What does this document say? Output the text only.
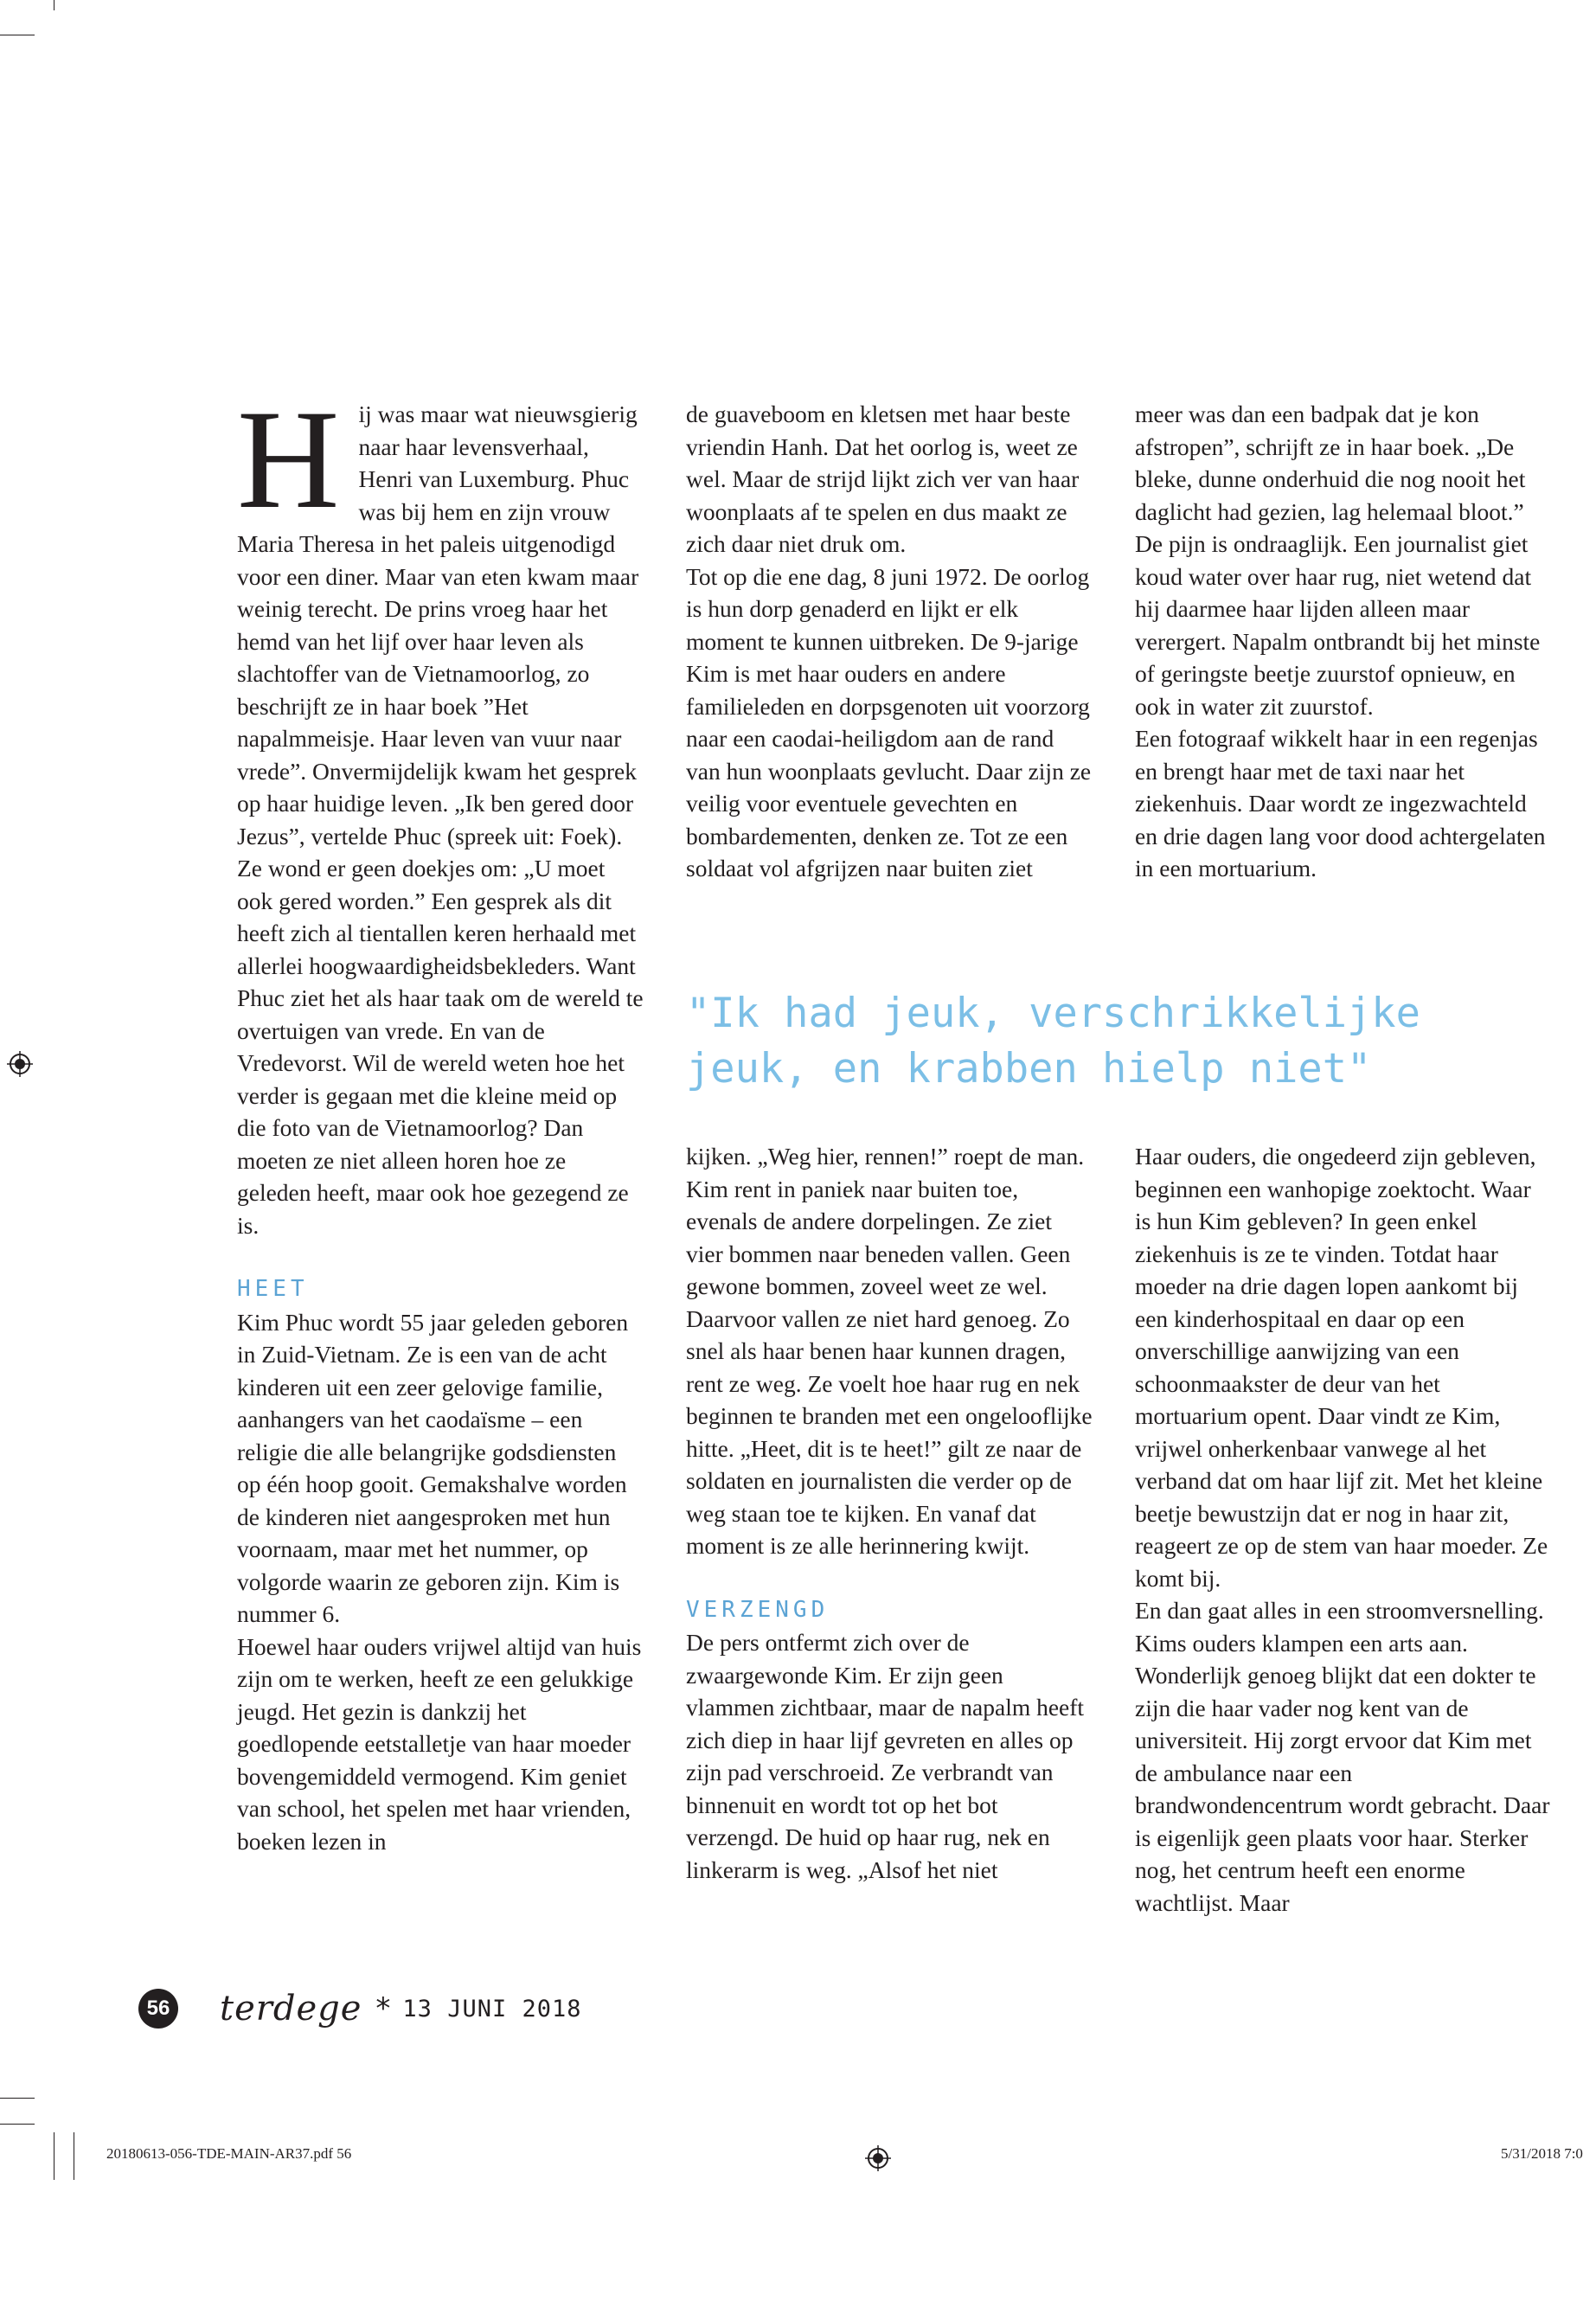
H ij was maar wat nieuwsgierig naar haar levensverhaal, Henri van Luxemburg. Phuc was bij hem en zijn vrouw Maria Theresa in het paleis uitgenodigd voor een diner. Maar van eten kwam maar weinig terecht. De prins vroeg haar het hemd van het lijf over haar leven als slachtoffer van de Vietnamoorlog, zo beschrijft ze in haar boek ”Het napalmmeisje. Haar leven van vuur naar vrede”. Onvermijdelijk kwam het gesprek op haar huidige leven. „Ik ben gered door Jezus”, vertelde Phuc (spreek uit: Foek). Ze wond er geen doekjes om: „U moet ook gered worden.” Een gesprek als dit heeft zich al tientallen keren herhaald met allerlei hoogwaardigheidsbekleders. Want Phuc ziet het als haar taak om de wereld te overtuigen van vrede. En van de Vredevorst. Wil de wereld weten hoe het verder is gegaan met die kleine meid op die foto van de Vietnamoorlog? Dan moeten ze niet alleen horen hoe ze geleden heeft, maar ook hoe gezegend ze is.

HEET

Kim Phuc wordt 55 jaar geleden geboren in Zuid-Vietnam. Ze is een van de acht kinderen uit een zeer gelovige familie, aanhangers van het caodaïsme – een religie die alle belangrijke godsdiensten op één hoop gooit. Gemakshalve worden de kinderen niet aangesproken met hun voornaam, maar met het nummer, op volgorde waarin ze geboren zijn. Kim is nummer 6.

Hoewel haar ouders vrijwel altijd van huis zijn om te werken, heeft ze een gelukkige jeugd. Het gezin is dankzij het goedlopende eetstalletje van haar moeder bovengemiddeld vermogend. Kim geniet van school, het spelen met haar vrienden, boeken lezen in

de guaveboom en kletsen met haar beste vriendin Hanh. Dat het oorlog is, weet ze wel. Maar de strijd lijkt zich ver van haar woonplaats af te spelen en dus maakt ze zich daar niet druk om.

Tot op die ene dag, 8 juni 1972. De oorlog is hun dorp genaderd en lijkt er elk moment te kunnen uitbreken. De 9-jarige Kim is met haar ouders en andere familieleden en dorpsgenoten uit voorzorg naar een caodai-heiligdom aan de rand van hun woonplaats gevlucht. Daar zijn ze veilig voor eventuele gevechten en bombardementen, denken ze. Tot ze een soldaat vol afgrijzen naar buiten ziet

meer was dan een badpak dat je kon afstropen”, schrijft ze in haar boek. „De bleke, dunne onderhuid die nog nooit het daglicht had gezien, lag helemaal bloot.” De pijn is ondraaglijk. Een journalist giet koud water over haar rug, niet wetend dat hij daarmee haar lijden alleen maar verergert. Napalm ontbrandt bij het minste of geringste beetje zuurstof opnieuw, en ook in water zit zuurstof.

Een fotograaf wikkelt haar in een regenjas en brengt haar met de taxi naar het ziekenhuis. Daar wordt ze ingezwachteld en drie dagen lang voor dood achtergelaten in een mortuarium.

"Ik had jeuk, verschrikkelijke jeuk, en krabben hielp niet"

kijken. „Weg hier, rennen!” roept de man. Kim rent in paniek naar buiten toe, evenals de andere dorpelingen. Ze ziet vier bommen naar beneden vallen. Geen gewone bommen, zoveel weet ze wel. Daarvoor vallen ze niet hard genoeg. Zo snel als haar benen haar kunnen dragen, rent ze weg. Ze voelt hoe haar rug en nek beginnen te branden met een ongelooflijke hitte. „Heet, dit is te heet!” gilt ze naar de soldaten en journalisten die verder op de weg staan toe te kijken. En vanaf dat moment is ze alle herinnering kwijt.

VERZENGD

De pers ontfermt zich over de zwaargewonde Kim. Er zijn geen vlammen zichtbaar, maar de napalm heeft zich diep in haar lijf gevreten en alles op zijn pad verschroeid. Ze verbrandt van binnenuit en wordt tot op het bot verzengd. De huid op haar rug, nek en linkerarm is weg. „Alsof het niet

Haar ouders, die ongedeerd zijn gebleven, beginnen een wanhopige zoektocht. Waar is hun Kim gebleven? In geen enkel ziekenhuis is ze te vinden. Totdat haar moeder na drie dagen lopen aankomt bij een kinderhospitaal en daar op een onverschillige aanwijzing van een schoonmaakster de deur van het mortuarium opent. Daar vindt ze Kim, vrijwel onherkenbaar vanwege al het verband dat om haar lijf zit. Met het kleine beetje bewustzijn dat er nog in haar zit, reageert ze op de stem van haar moeder. Ze komt bij.

En dan gaat alles in een stroomversnelling. Kims ouders klampen een arts aan. Wonderlijk genoeg blijkt dat een dokter te zijn die haar vader nog kent van de universiteit. Hij zorgt ervoor dat Kim met de ambulance naar een brandwondencentrum wordt gebracht. Daar is eigenlijk geen plaats voor haar. Sterker nog, het centrum heeft een enorme wachtlijst. Maar

56 terdege * 13 JUNI 2018
20180613-056-TDE-MAIN-AR37.pdf 56	5/31/2018 7:0
